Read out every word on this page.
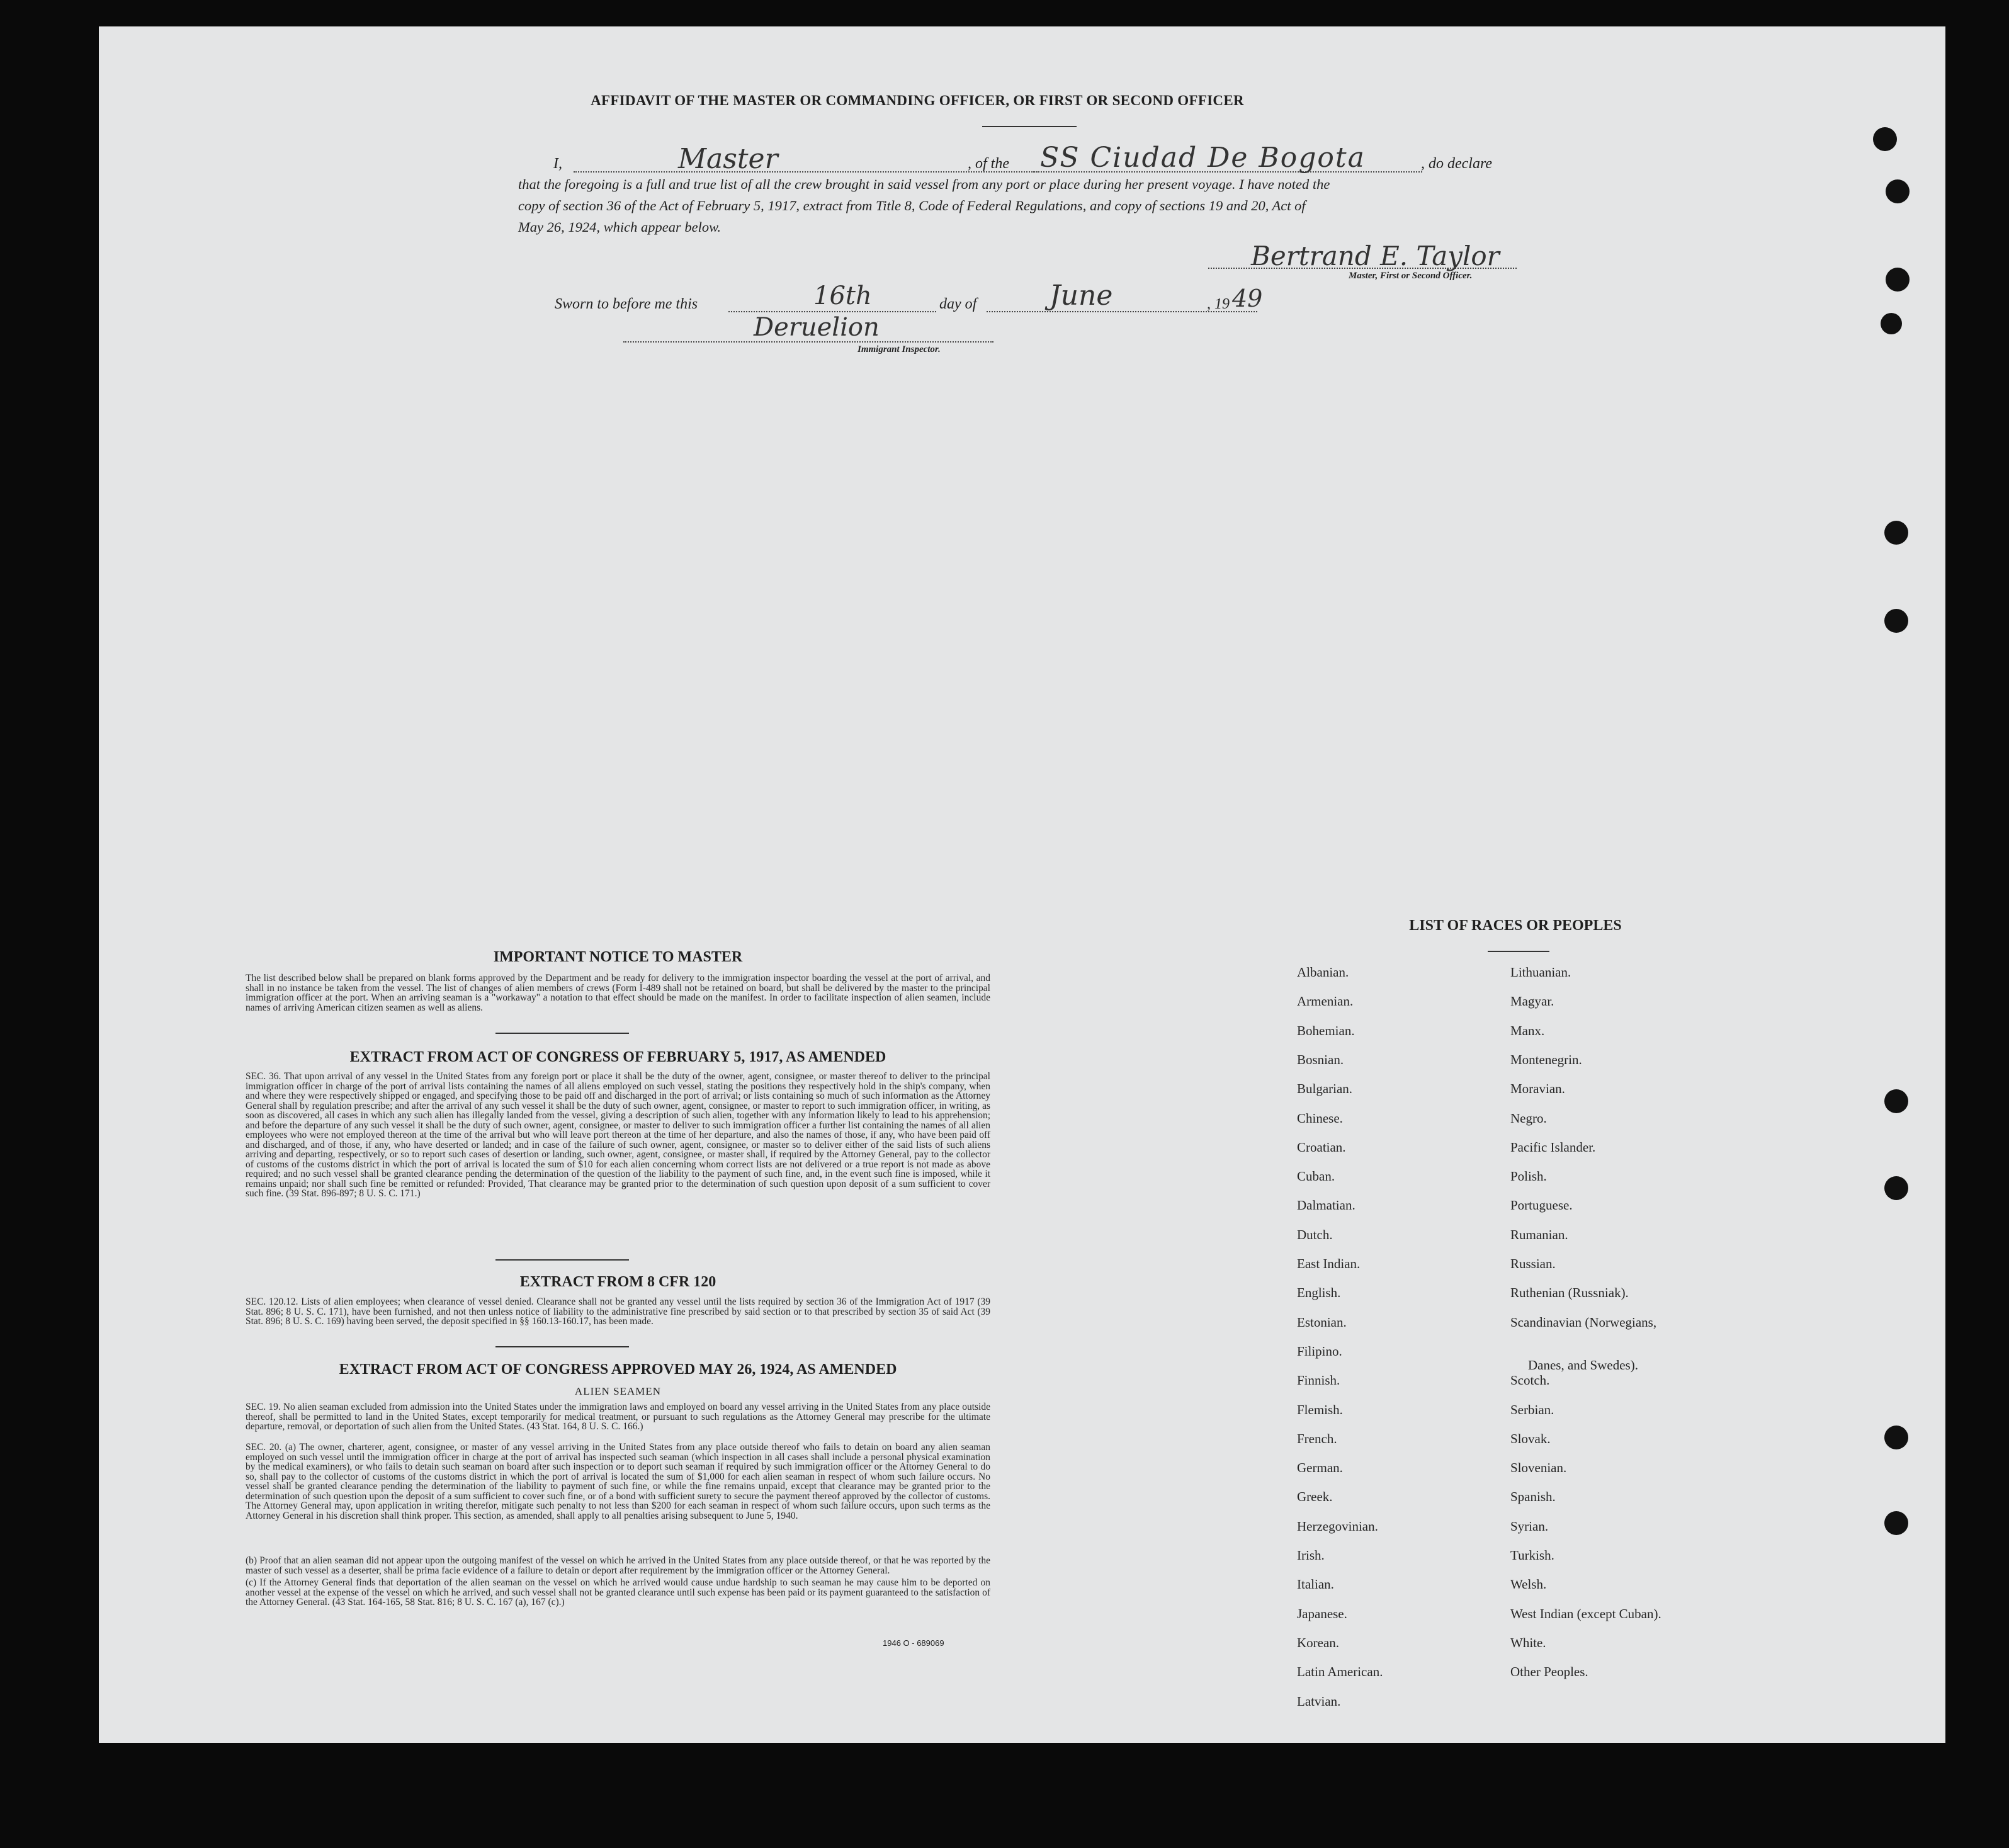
AFFIDAVIT OF THE MASTER OR COMMANDING OFFICER, OR FIRST OR SECOND OFFICER
I,	Master	, of the SS Ciudad De Bogota	, do declare
that the foregoing is a full and true list of all the crew brought in said vessel from any port or place during her present voyage. I have noted the
copy of section 36 of the Act of February 5, 1917, extract from Title 8, Code of Federal Regulations, and copy of sections 19 and 20, Act of
May 26, 1924, which appear below.
Bertrand E. Taylor
Master, First or Second Officer.
Sworn to before me this	16th	day of	June	, 19 49
Deruelion
Immigrant Inspector.
IMPORTANT NOTICE TO MASTER
The list described below shall be prepared on blank forms approved by the Department and be ready for delivery to the immigration inspector boarding the vessel at the port of arrival, and shall in no instance be taken from the vessel. The list of changes of alien members of crews (Form I-489 shall not be retained on board, but shall be delivered by the master to the principal immigration officer at the port. When an arriving seaman is a "workaway" a notation to that effect should be made on the manifest. In order to facilitate inspection of alien seamen, include names of arriving American citizen seamen as well as aliens.
EXTRACT FROM ACT OF CONGRESS OF FEBRUARY 5, 1917, AS AMENDED
SEC. 36. That upon arrival of any vessel in the United States from any foreign port or place it shall be the duty of the owner, agent, consignee, or master thereof to deliver to the principal immigration officer in charge of the port of arrival lists containing the names of all aliens employed on such vessel, stating the positions they respectively hold in the ship's company, when and where they were respectively shipped or engaged, and specifying those to be paid off and discharged in the port of arrival; or lists containing so much of such information as the Attorney General shall by regulation prescribe; and after the arrival of any such vessel it shall be the duty of such owner, agent, consignee, or master to report to such immigration officer, in writing, as soon as discovered, all cases in which any such alien has illegally landed from the vessel, giving a description of such alien, together with any information likely to lead to his apprehension; and before the departure of any such vessel it shall be the duty of such owner, agent, consignee, or master to deliver to such immigration officer a further list containing the names of all alien employees who were not employed thereon at the time of the arrival but who will leave port thereon at the time of her departure, and also the names of those, if any, who have been paid off and discharged, and of those, if any, who have deserted or landed; and in case of the failure of such owner, agent, consignee, or master so to deliver either of the said lists of such aliens arriving and departing, respectively, or so to report such cases of desertion or landing, such owner, agent, consignee, or master shall, if required by the Attorney General, pay to the collector of customs of the customs district in which the port of arrival is located the sum of $10 for each alien concerning whom correct lists are not delivered or a true report is not made as above required; and no such vessel shall be granted clearance pending the determination of the question of the liability to the payment of such fine, and, in the event such fine is imposed, while it remains unpaid; nor shall such fine be remitted or refunded: Provided, That clearance may be granted prior to the determination of such question upon deposit of a sum sufficient to cover such fine. (39 Stat. 896-897; 8 U. S. C. 171.)
EXTRACT FROM 8 CFR 120
SEC. 120.12. Lists of alien employees; when clearance of vessel denied. Clearance shall not be granted any vessel until the lists required by section 36 of the Immigration Act of 1917 (39 Stat. 896; 8 U. S. C. 171), have been furnished, and not then unless notice of liability to the administrative fine prescribed by said section or to that prescribed by section 35 of said Act (39 Stat. 896; 8 U. S. C. 169) having been served, the deposit specified in §§ 160.13-160.17, has been made.
EXTRACT FROM ACT OF CONGRESS APPROVED MAY 26, 1924, AS AMENDED
ALIEN SEAMEN
SEC. 19. No alien seaman excluded from admission into the United States under the immigration laws and employed on board any vessel arriving in the United States from any place outside thereof, shall be permitted to land in the United States, except temporarily for medical treatment, or pursuant to such regulations as the Attorney General may prescribe for the ultimate departure, removal, or deportation of such alien from the United States. (43 Stat. 164, 8 U. S. C. 166.)
SEC. 20. (a) The owner, charterer, agent, consignee, or master of any vessel arriving in the United States from any place outside thereof who fails to detain on board any alien seaman employed on such vessel until the immigration officer in charge at the port of arrival has inspected such seaman (which inspection in all cases shall include a personal physical examination by the medical examiners), or who fails to detain such seaman on board after such inspection or to deport such seaman if required by such immigration officer or the Attorney General to do so, shall pay to the collector of customs of the customs district in which the port of arrival is located the sum of $1,000 for each alien seaman in respect of whom such failure occurs. No vessel shall be granted clearance pending the determination of the liability to payment of such fine, or while the fine remains unpaid, except that clearance may be granted prior to the determination of such question upon the deposit of a sum sufficient to cover such fine, or of a bond with sufficient surety to secure the payment thereof approved by the collector of customs. The Attorney General may, upon application in writing therefor, mitigate such penalty to not less than $200 for each seaman in respect of whom such failure occurs, upon such terms as the Attorney General in his discretion shall think proper. This section, as amended, shall apply to all penalties arising subsequent to June 5, 1940.
(b) Proof that an alien seaman did not appear upon the outgoing manifest of the vessel on which he arrived in the United States from any place outside thereof, or that he was reported by the master of such vessel as a deserter, shall be prima facie evidence of a failure to detain or deport after requirement by the immigration officer or the Attorney General.
(c) If the Attorney General finds that deportation of the alien seaman on the vessel on which he arrived would cause undue hardship to such seaman he may cause him to be deported on another vessel at the expense of the vessel on which he arrived, and such vessel shall not be granted clearance until such expense has been paid or its payment guaranteed to the satisfaction of the Attorney General. (43 Stat. 164-165, 58 Stat. 816; 8 U. S. C. 167 (a), 167 (c).)
1946 O - 689069
LIST OF RACES OR PEOPLES
Albanian.
Armenian.
Bohemian.
Bosnian.
Bulgarian.
Chinese.
Croatian.
Cuban.
Dalmatian.
Dutch.
East Indian.
English.
Estonian.
Filipino.
Finnish.
Flemish.
French.
German.
Greek.
Herzegovinian.
Irish.
Italian.
Japanese.
Korean.
Latin American.
Latvian.
Lithuanian.
Magyar.
Manx.
Montenegrin.
Moravian.
Negro.
Pacific Islander.
Polish.
Portuguese.
Rumanian.
Russian.
Ruthenian (Russniak).
Scandinavian (Norwegians,
Danes, and Swedes).
Scotch.
Serbian.
Slovak.
Slovenian.
Spanish.
Syrian.
Turkish.
Welsh.
West Indian (except Cuban).
White.
Other Peoples.
